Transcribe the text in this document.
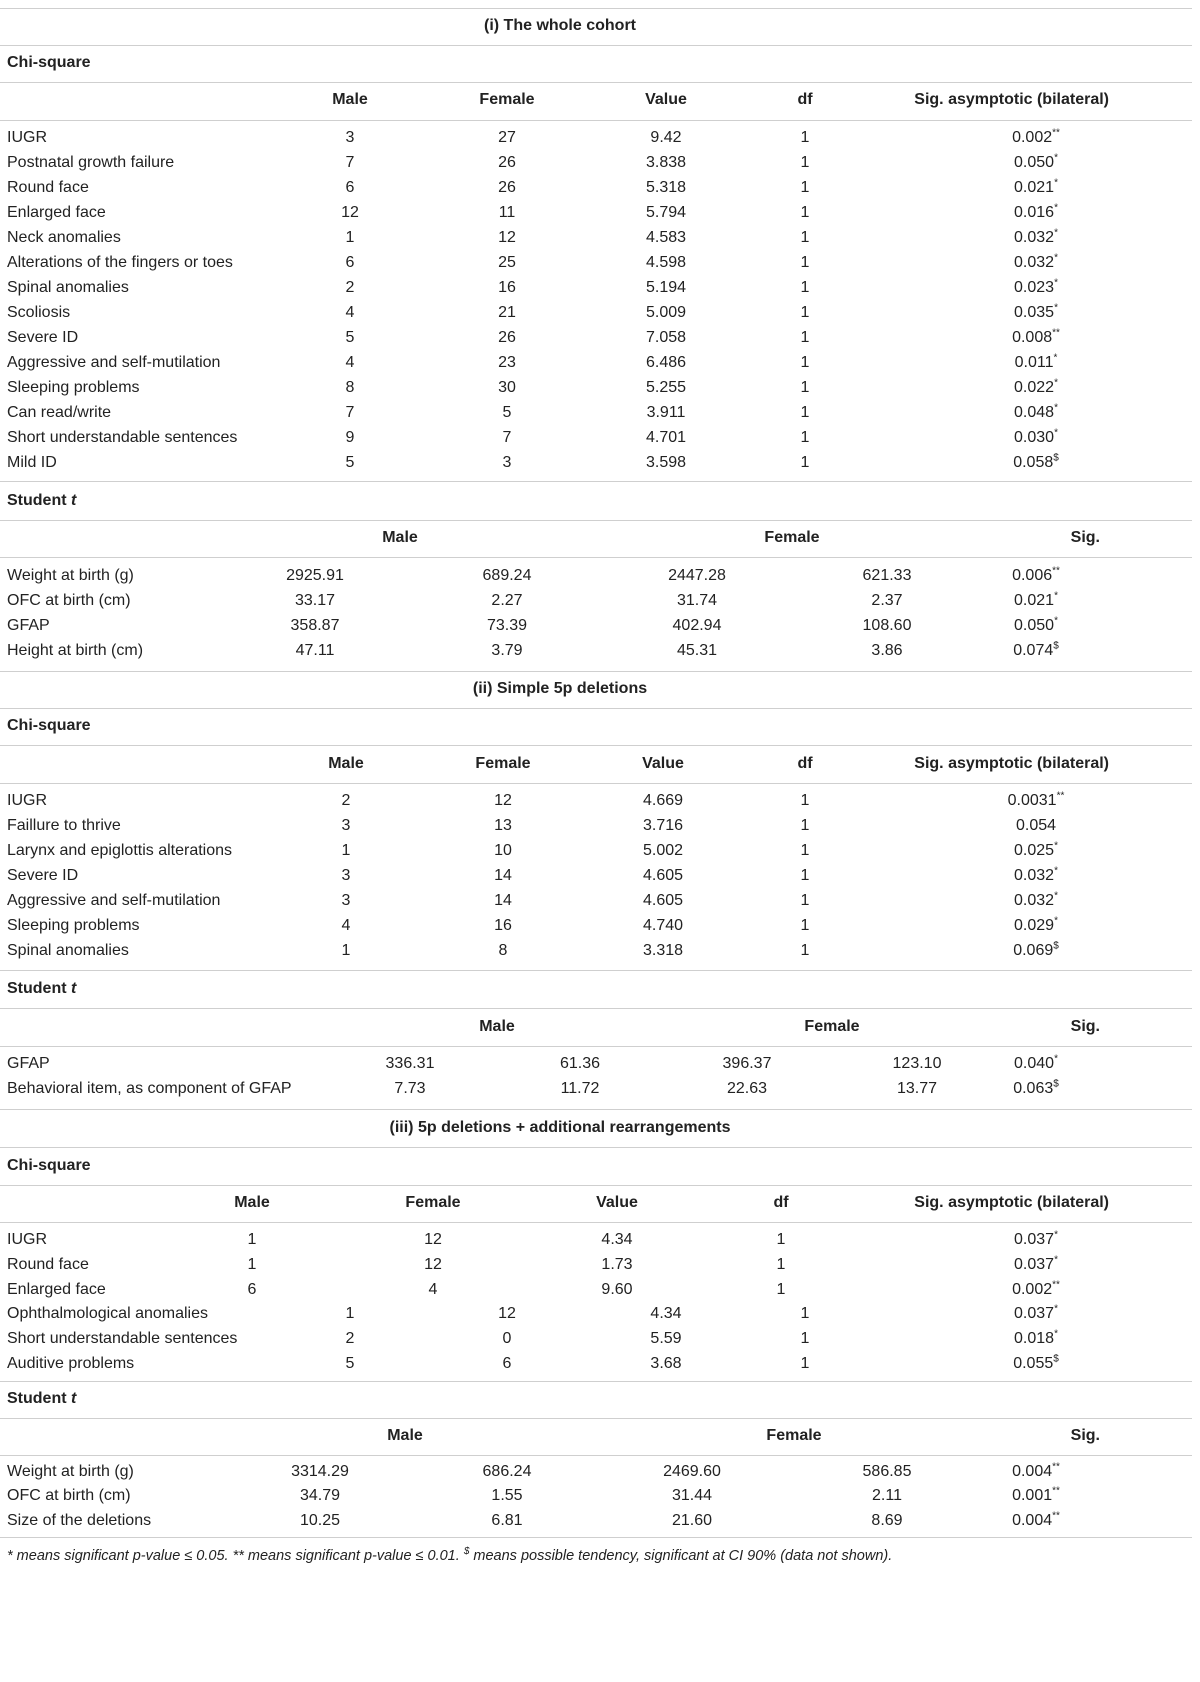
(i) The whole cohort
Chi-square
Male	Female	Value	df	Sig. asymptotic (bilateral)
IUGR	3	27	9.42	1	0.002**
Postnatal growth failure	7	26	3.838	1	0.050*
Round face	6	26	5.318	1	0.021*
Enlarged face	12	11	5.794	1	0.016*
Neck anomalies	1	12	4.583	1	0.032*
Alterations of the fingers or toes	6	25	4.598	1	0.032*
Spinal anomalies	2	16	5.194	1	0.023*
Scoliosis	4	21	5.009	1	0.035*
Severe ID	5	26	7.058	1	0.008**
Aggressive and self-mutilation	4	23	6.486	1	0.011*
Sleeping problems	8	30	5.255	1	0.022*
Can read/write	7	5	3.911	1	0.048*
Short understandable sentences	9	7	4.701	1	0.030*
Mild ID	5	3	3.598	1	0.058$
Student t
Male	Female	Sig.
Weight at birth (g)	2925.91	689.24	2447.28	621.33	0.006**
OFC at birth (cm)	33.17	2.27	31.74	2.37	0.021*
GFAP	358.87	73.39	402.94	108.60	0.050*
Height at birth (cm)	47.11	3.79	45.31	3.86	0.074$
(ii) Simple 5p deletions
Chi-square
Male	Female	Value	df	Sig. asymptotic (bilateral)
IUGR	2	12	4.669	1	0.0031**
Faillure to thrive	3	13	3.716	1	0.054
Larynx and epiglottis alterations	1	10	5.002	1	0.025*
Severe ID	3	14	4.605	1	0.032*
Aggressive and self-mutilation	3	14	4.605	1	0.032*
Sleeping problems	4	16	4.740	1	0.029*
Spinal anomalies	1	8	3.318	1	0.069$
Student t
Male	Female	Sig.
GFAP	336.31	61.36	396.37	123.10	0.040*
Behavioral item, as component of GFAP	7.73	11.72	22.63	13.77	0.063$
(iii) 5p deletions + additional rearrangements
Chi-square
Male	Female	Value	df	Sig. asymptotic (bilateral)
IUGR	1	12	4.34	1	0.037*
Round face	1	12	1.73	1	0.037*
Enlarged face	6	4	9.60	1	0.002**
Ophthalmological anomalies	1	12	4.34	1	0.037*
Short understandable sentences	2	0	5.59	1	0.018*
Auditive problems	5	6	3.68	1	0.055$
Student t
Male	Female	Sig.
Weight at birth (g)	3314.29	686.24	2469.60	586.85	0.004**
OFC at birth (cm)	34.79	1.55	31.44	2.11	0.001**
Size of the deletions	10.25	6.81	21.60	8.69	0.004**
* means significant p-value ≤ 0.05. ** means significant p-value ≤ 0.01. $ means possible tendency, significant at CI 90% (data not shown).
